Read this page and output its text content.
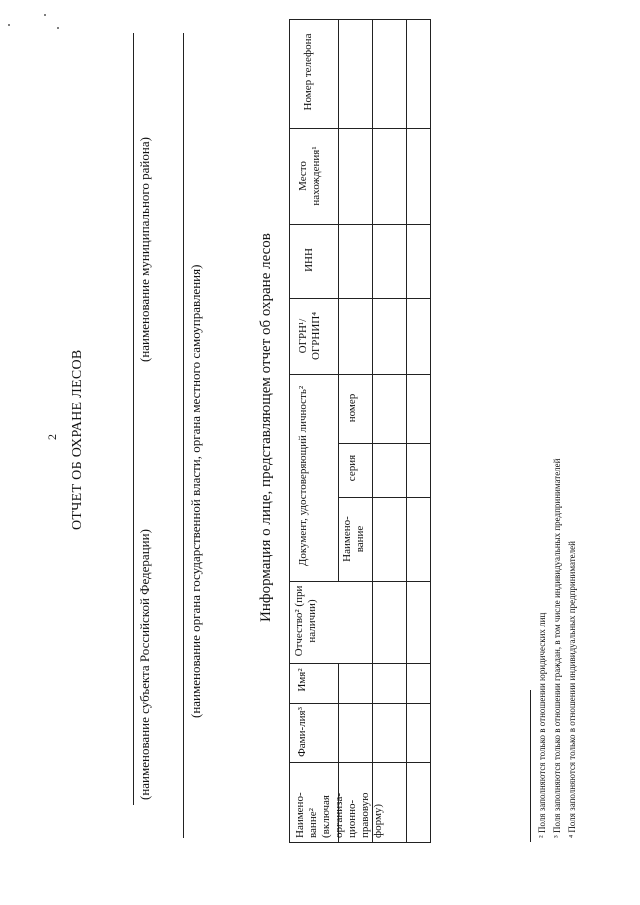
2 ОТЧЕТ ОБ ОХРАНЕ ЛЕСОВ
(наименование субъекта Российской Федерации)
(наименование муниципального района)
(наименование органа государственной власти, органа местного самоуправления)	Информация о лице, представляющем отчет об охране лесов
Наимено-ванне² (включая организа-ционно-правовую форму)
Фами-лия³
Имя²
Отчество² (при наличии)
Документ, удостоверяющий личность²	Наимено-вание
серия
номер
ОГРН¹/ ОГРНИП⁴
ИНН
Место нахождения¹
Номер телефона
² Поля заполняются только в отношении юридических лиц ³ Поля заполняются только в отношении граждан, в том числе индивидуальных предпринимателей ⁴ Поля заполняются только в отношении индивидуальных предпринимателей
